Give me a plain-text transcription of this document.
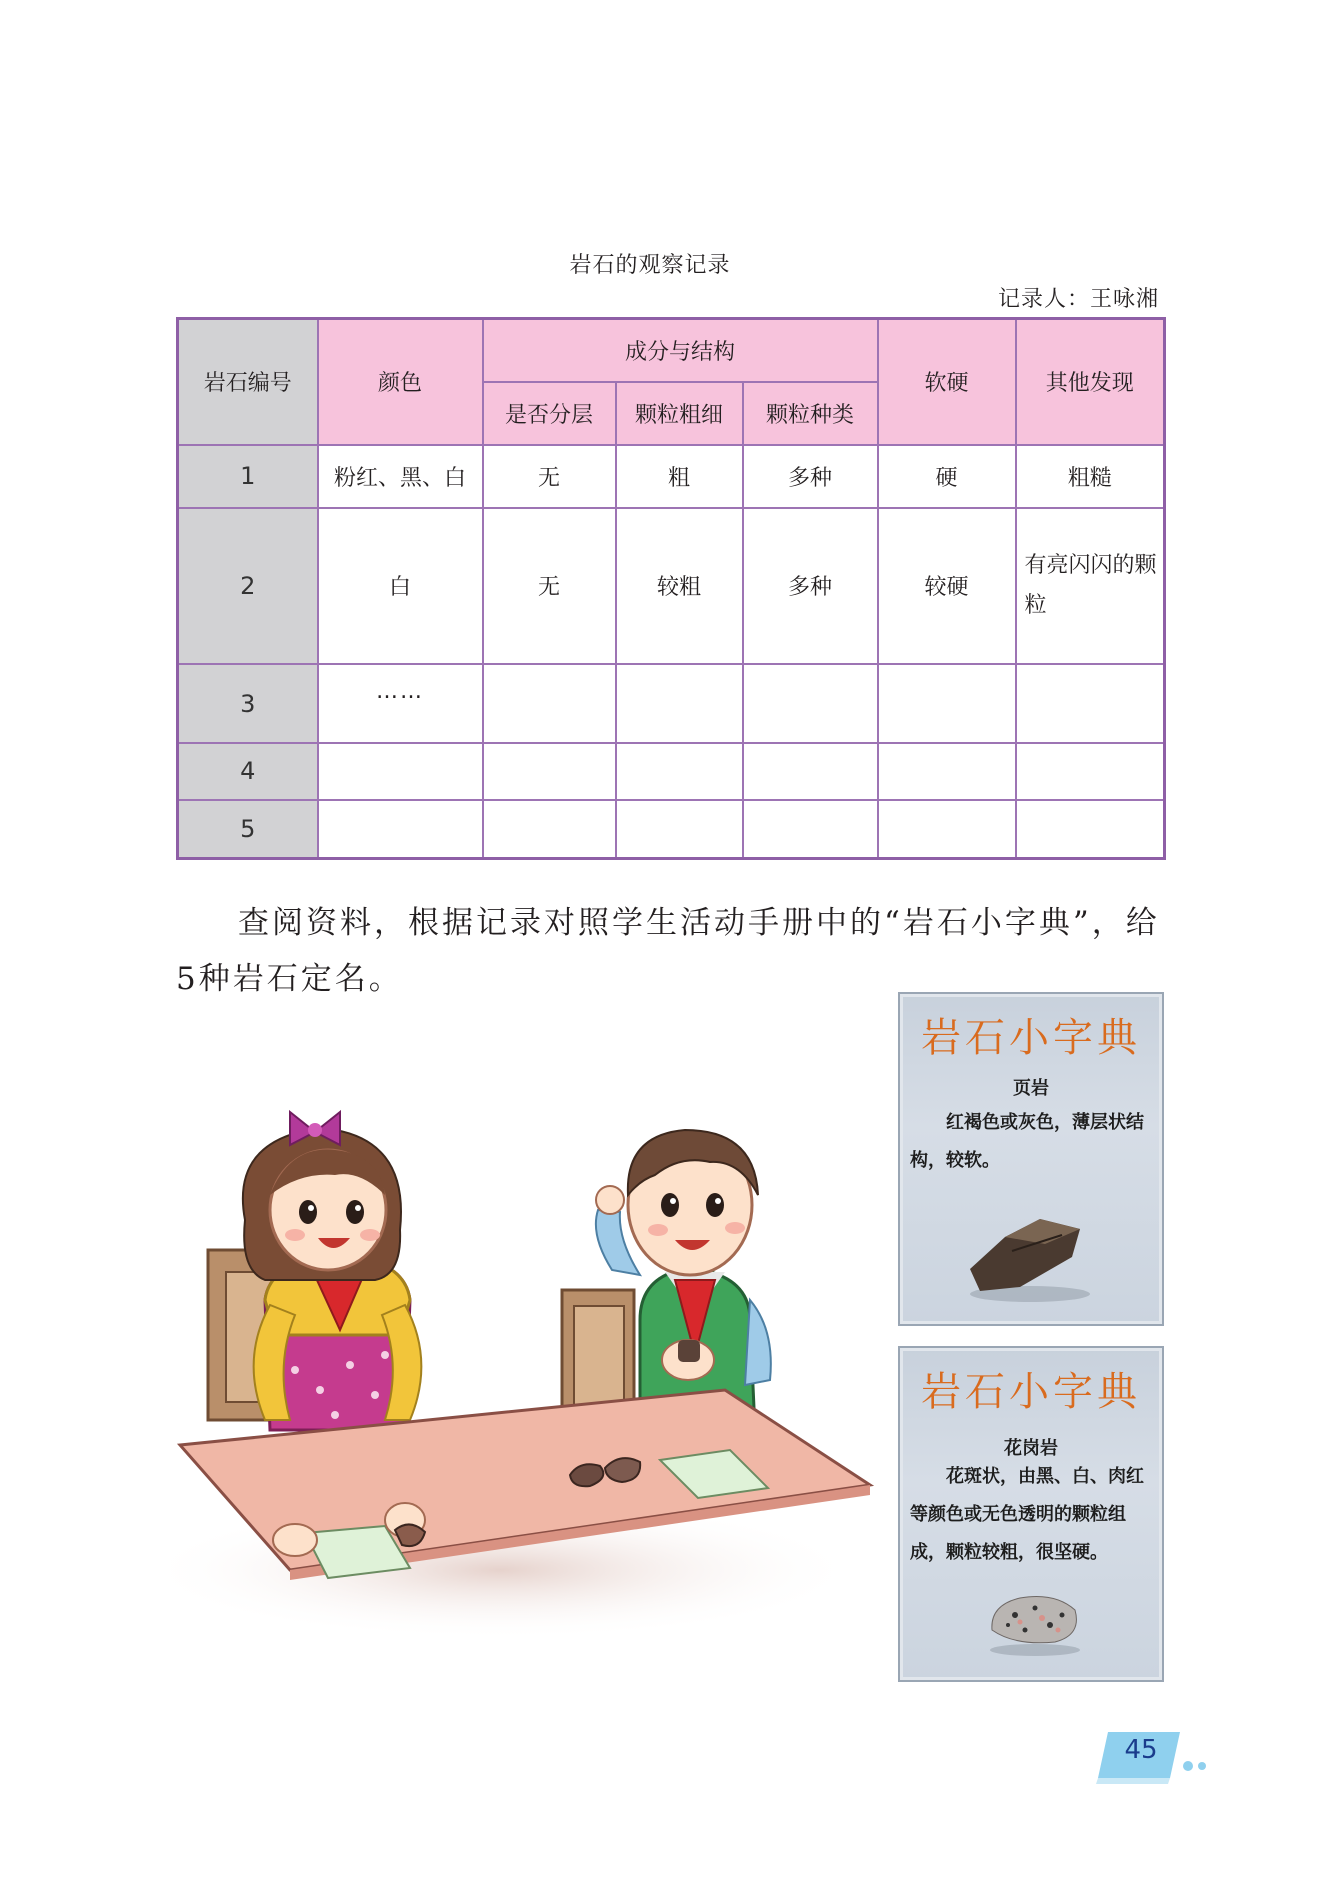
岩石的观察记录
记录人：王咏湘
岩石编号	颜色	成分与结构			软硬	其他发现
		是否分层	颗粒粗细	颗粒种类		
1	粉红、黑、白	无	粗	多种	硬	粗糙
2	白	无	较粗	多种	较硬	有亮闪闪的颗粒
3	……					
4						
5						
查阅资料，根据记录对照学生活动手册中的“岩石小字典”，给5种岩石定名。
岩石小字典
页岩
红褐色或灰色，薄层状结构，较软。
岩石小字典
花岗岩
花斑状，由黑、白、肉红等颜色或无色透明的颗粒组成，颗粒较粗，很坚硬。
45
